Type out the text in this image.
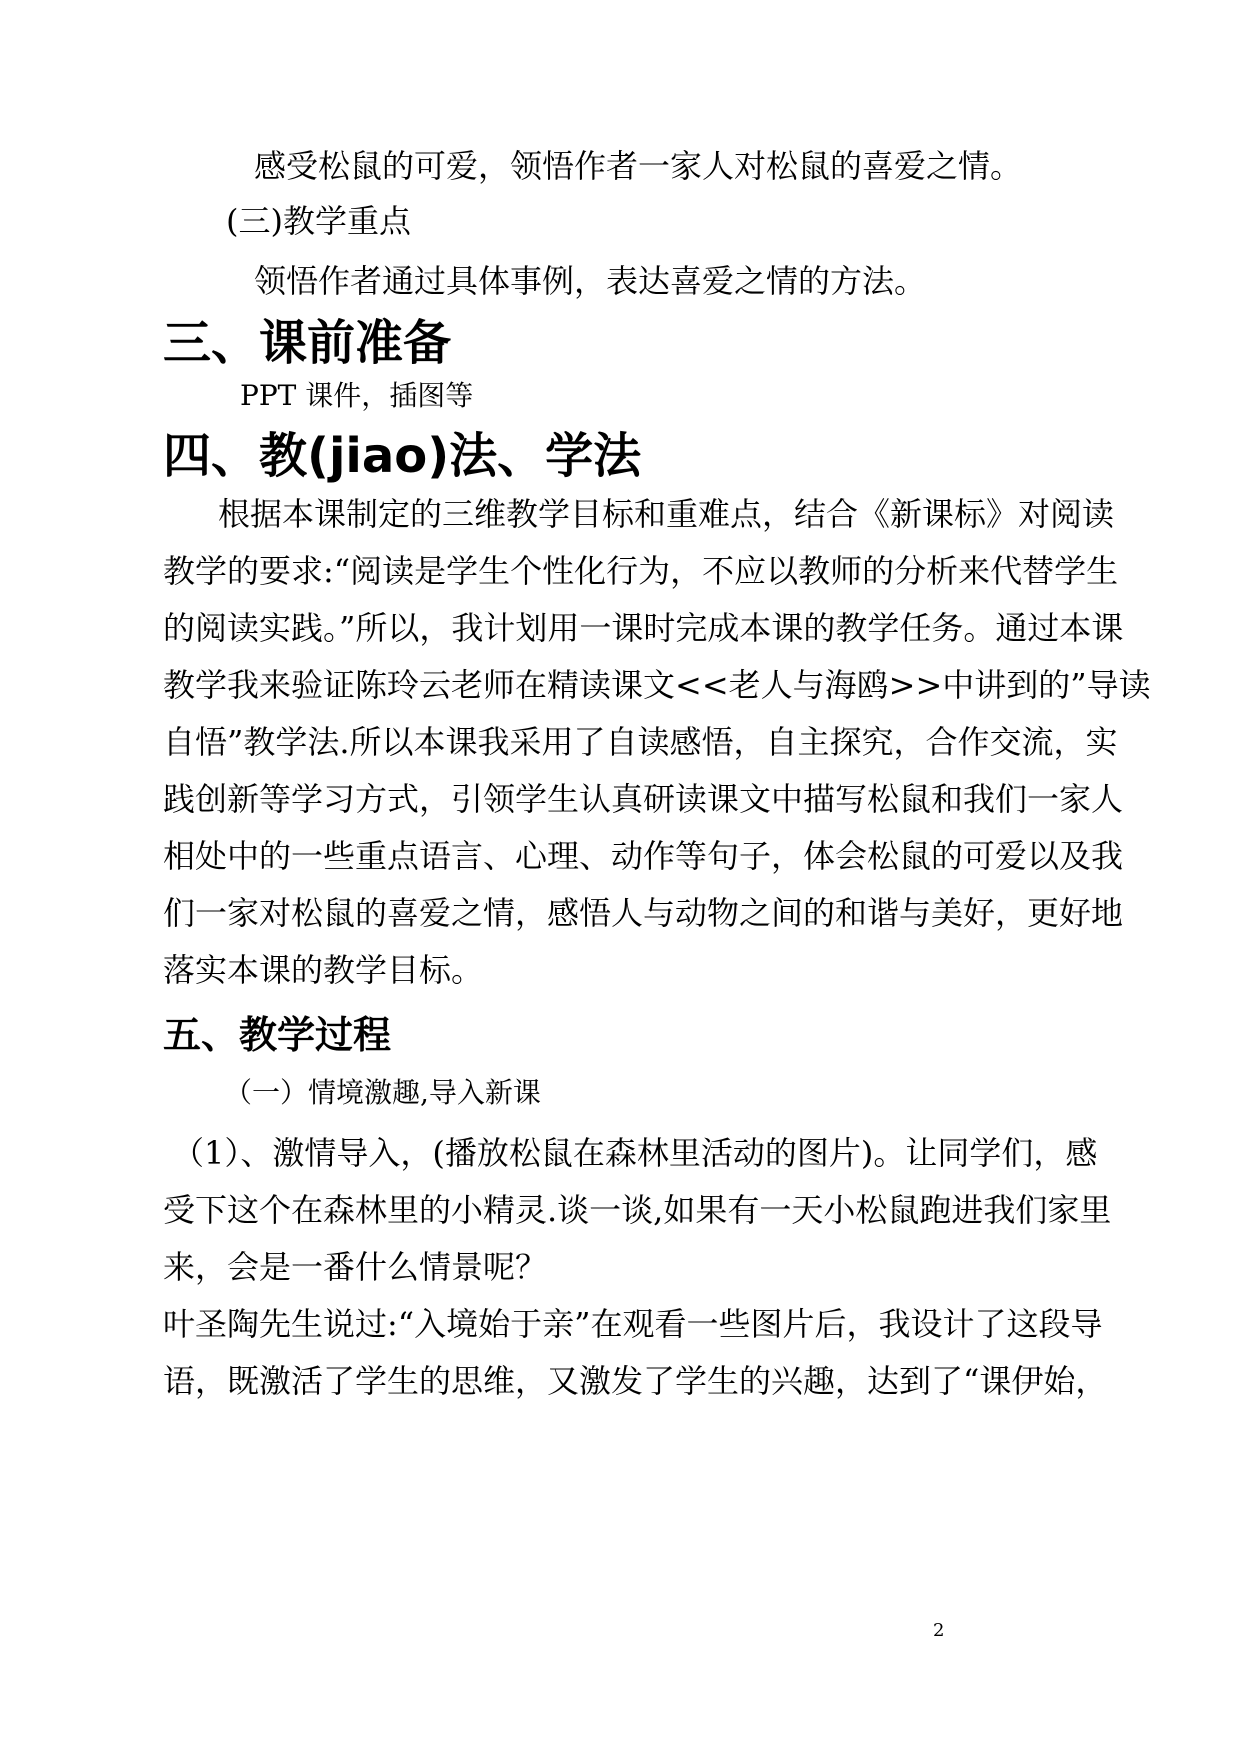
感受松鼠的可爱，领悟作者一家人对松鼠的喜爱之情。

(三)教学重点

领悟作者通过具体事例，表达喜爱之情的方法。

三、课前准备

PPT 课件，插图等

四、教(jiao)法、学法

根据本课制定的三维教学目标和重难点，结合《新课标》对阅读

教学的要求:“阅读是学生个性化行为，不应以教师的分析来代替学生

的阅读实践。”所以，我计划用一课时完成本课的教学任务。通过本课

教学我来验证陈玲云老师在精读课文<<老人与海鸥>>中讲到的”导读

自悟”教学法.所以本课我采用了自读感悟，自主探究，合作交流，实

践创新等学习方式，引领学生认真研读课文中描写松鼠和我们一家人

相处中的一些重点语言、心理、动作等句子，体会松鼠的可爱以及我

们一家对松鼠的喜爱之情，感悟人与动物之间的和谐与美好，更好地

落实本课的教学目标。

五、教学过程

（一）情境激趣,导入新课

（1）、激情导入，(播放松鼠在森林里活动的图片)。让同学们，感

受下这个在森林里的小精灵.谈一谈,如果有一天小松鼠跑进我们家里

来，会是一番什么情景呢？

叶圣陶先生说过:“入境始于亲”在观看一些图片后，我设计了这段导

语，既激活了学生的思维，又激发了学生的兴趣，达到了“课伊始，

2
